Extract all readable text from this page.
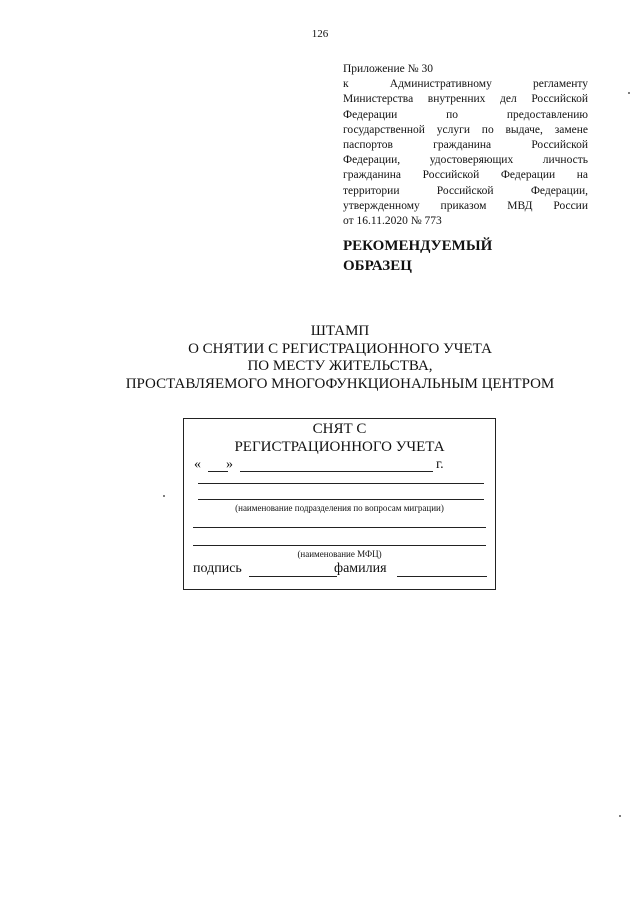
126
Приложение № 30
к Административному регламенту
Министерства внутренних дел Российской
Федерации по предоставлению
государственной услуги по выдаче, замене
паспортов гражданина Российской
Федерации, удостоверяющих личность
гражданина Российской Федерации на
территории Российской Федерации,
утвержденному приказом МВД России
от 16.11.2020 № 773
РЕКОМЕНДУЕМЫЙ
ОБРАЗЕЦ
ШТАМП
О СНЯТИИ С РЕГИСТРАЦИОННОГО УЧЕТА
ПО МЕСТУ ЖИТЕЛЬСТВА,
ПРОСТАВЛЯЕМОГО МНОГОФУНКЦИОНАЛЬНЫМ ЦЕНТРОМ
СНЯТ С
РЕГИСТРАЦИОННОГО УЧЕТА
« »	г.
(наименование подразделения по вопросам миграции)
(наименование МФЦ)
подпись	фамилия
